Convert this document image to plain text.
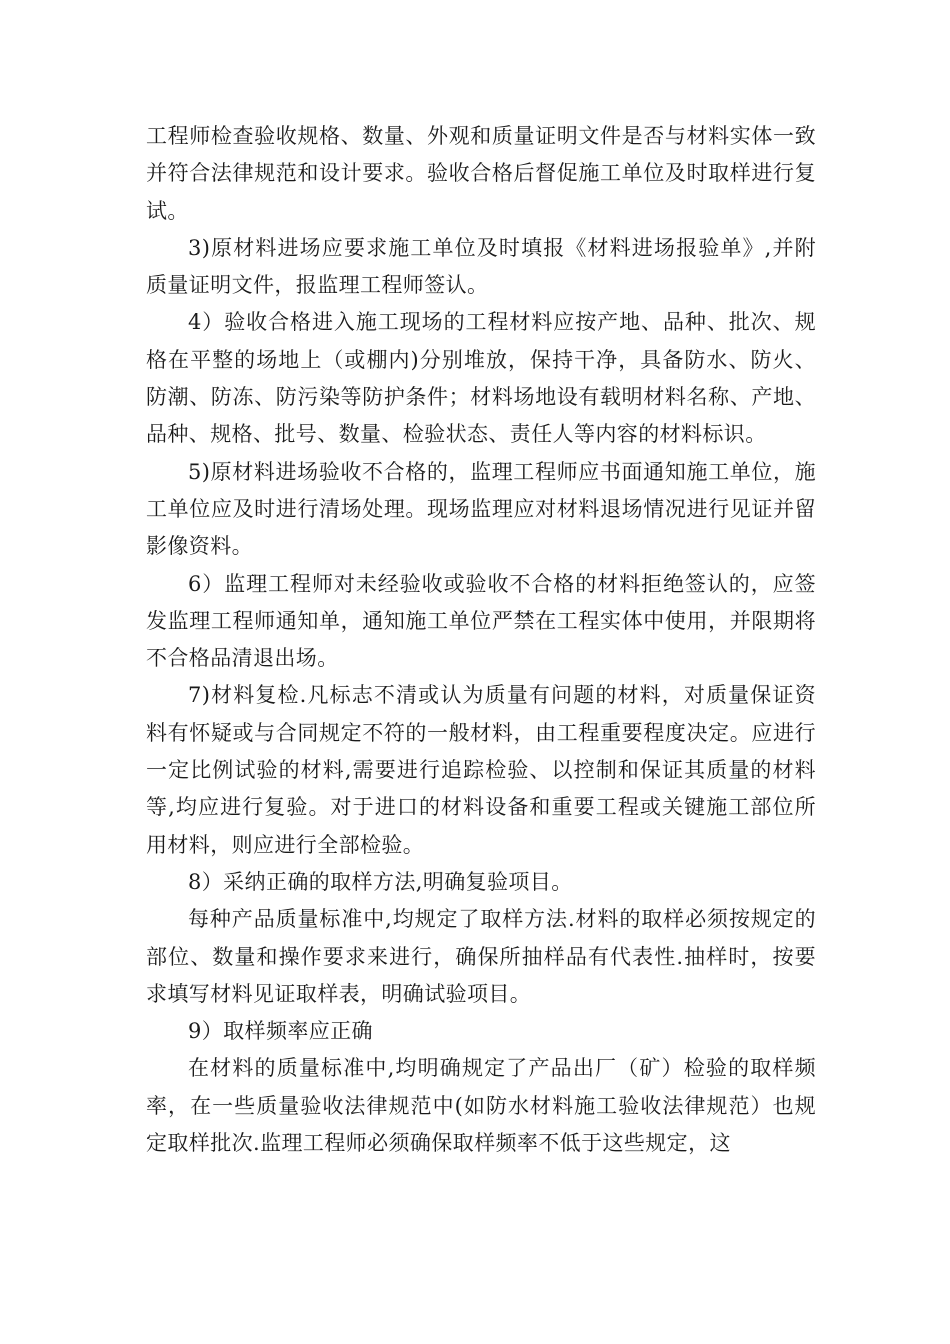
工程师检查验收规格、数量、外观和质量证明文件是否与材料实体一致并符合法律规范和设计要求。验收合格后督促施工单位及时取样进行复试。

3)原材料进场应要求施工单位及时填报《材料进场报验单》,并附质量证明文件，报监理工程师签认。

4）验收合格进入施工现场的工程材料应按产地、品种、批次、规格在平整的场地上（或棚内)分别堆放，保持干净，具备防水、防火、防潮、防冻、防污染等防护条件；材料场地设有载明材料名称、产地、品种、规格、批号、数量、检验状态、责任人等内容的材料标识。

5)原材料进场验收不合格的，监理工程师应书面通知施工单位，施工单位应及时进行清场处理。现场监理应对材料退场情况进行见证并留影像资料。

6）监理工程师对未经验收或验收不合格的材料拒绝签认的，应签发监理工程师通知单，通知施工单位严禁在工程实体中使用，并限期将不合格品清退出场。

7)材料复检.凡标志不清或认为质量有问题的材料，对质量保证资料有怀疑或与合同规定不符的一般材料，由工程重要程度决定。应进行一定比例试验的材料,需要进行追踪检验、以控制和保证其质量的材料等,均应进行复验。对于进口的材料设备和重要工程或关键施工部位所用材料，则应进行全部检验。

8）采纳正确的取样方法,明确复验项目。

每种产品质量标准中,均规定了取样方法.材料的取样必须按规定的部位、数量和操作要求来进行，确保所抽样品有代表性.抽样时，按要求填写材料见证取样表，明确试验项目。

9）取样频率应正确

在材料的质量标准中,均明确规定了产品出厂（矿）检验的取样频率，在一些质量验收法律规范中(如防水材料施工验收法律规范）也规定取样批次.监理工程师必须确保取样频率不低于这些规定，这
